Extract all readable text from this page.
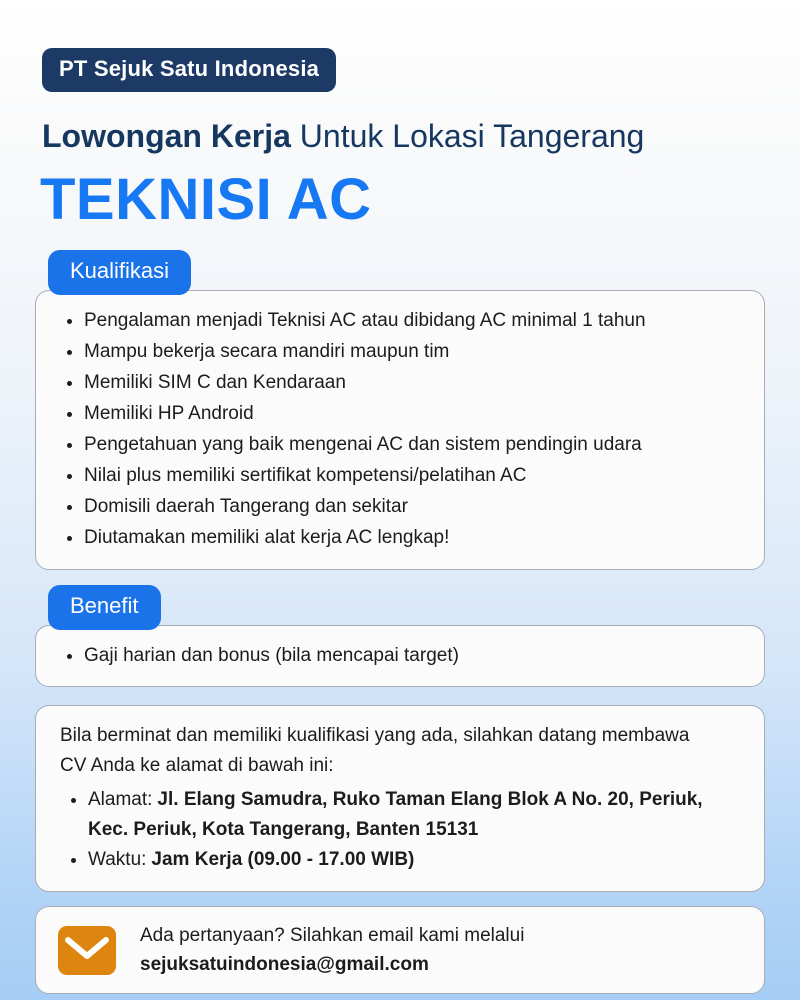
PT Sejuk Satu Indonesia
Lowongan Kerja Untuk Lokasi Tangerang
TEKNISI AC
Kualifikasi
• Pengalaman menjadi Teknisi AC atau dibidang AC minimal 1 tahun
• Mampu bekerja secara mandiri maupun tim
• Memiliki SIM C dan Kendaraan
• Memiliki HP Android
• Pengetahuan yang baik mengenai AC dan sistem pendingin udara
• Nilai plus memiliki sertifikat kompetensi/pelatihan AC
• Domisili daerah Tangerang dan sekitar
• Diutamakan memiliki alat kerja AC lengkap!
Benefit
• Gaji harian dan bonus (bila mencapai target)

Bila berminat dan memiliki kualifikasi yang ada, silahkan datang membawa CV Anda ke alamat di bawah ini:

• Alamat: Jl. Elang Samudra, Ruko Taman Elang Blok A No. 20, Periuk, Kec. Periuk, Kota Tangerang, Banten 15131
• Waktu: Jam Kerja (09.00 - 17.00 WIB)

Ada pertanyaan? Silahkan email kami melalui

sejuksatuindonesia@gmail.com
